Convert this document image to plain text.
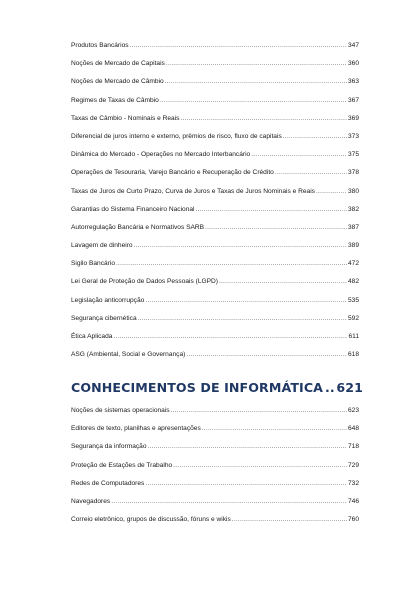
Produtos Bancários .....	347
Noções de Mercado de Capitais .....	360
Noções de Mercado de Câmbio .....	363
Regimes de Taxas de Câmbio .....	367
Taxas de Câmbio - Nominais e Reais .....	369
Diferencial de juros interno e externo, prêmios de risco, fluxo de capitais .....	373
Dinâmica do Mercado - Operações no Mercado Interbancário .....	375
Operações de Tesouraria, Varejo Bancário e Recuperação de Crédito .....	378
Taxas de Juros de Curto Prazo, Curva de Juros e Taxas de Juros Nominais e Reais .....	380
Garantias do Sistema Financeiro Nacional .....	382
Autorregulação Bancária e Normativos SARB .....	387
Lavagem de dinheiro .....	389
Sigilo Bancário .....	472
Lei Geral de Proteção de Dados Pessoais (LGPD) .....	482
Legislação anticorrupção .....	535
Segurança cibernética .....	592
Ética Aplicada .....	611
ASG (Ambiental, Social e Governança) .....	618
CONHECIMENTOS DE INFORMÁTICA ..... 621
Noções de sistemas operacionais .....	623
Editores de texto, planilhas e apresentações .....	648
Segurança da informação .....	718
Proteção de Estações de Trabalho .....	729
Redes de Computadores .....	732
Navegadores .....	746
Correio eletrônico, grupos de discussão, fóruns e wikis .....	760
